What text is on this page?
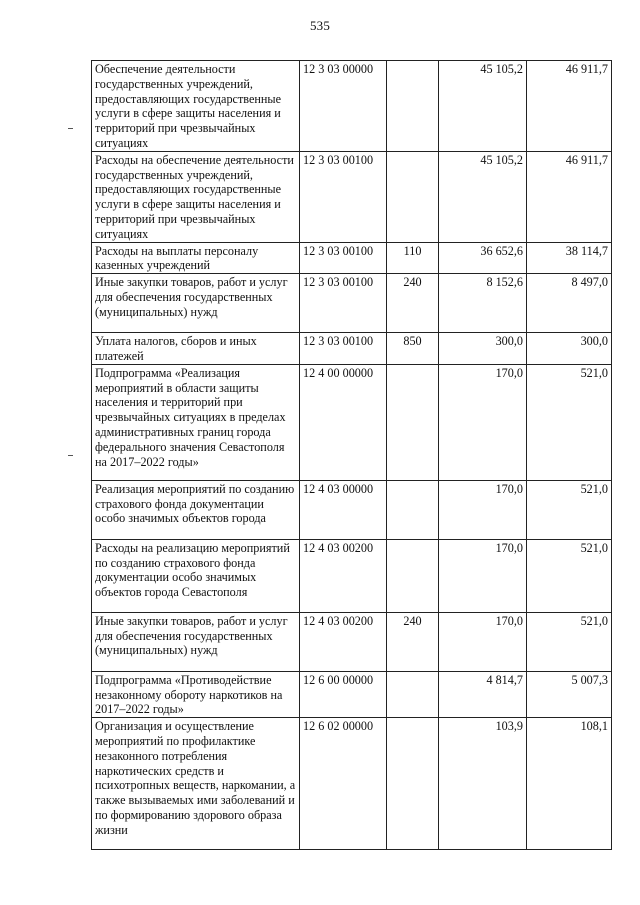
535
Обеспечение деятельности государственных учреждений, предоставляющих государственные услуги в сфере защиты населения и территорий при чрезвычайных ситуациях	12 3 03 00000		45 105,2	46 911,7
Расходы на обеспечение деятельности государственных учреждений, предоставляющих государственные услуги в сфере защиты населения и территорий при чрезвычайных ситуациях	12 3 03 00100		45 105,2	46 911,7
Расходы на выплаты персоналу казенных учреждений	12 3 03 00100	110	36 652,6	38 114,7
Иные закупки товаров, работ и услуг для обеспечения государственных (муниципальных) нужд	12 3 03 00100	240	8 152,6	8 497,0
Уплата налогов, сборов и иных платежей	12 3 03 00100	850	300,0	300,0
Подпрограмма «Реализация мероприятий в области защиты населения и территорий при чрезвычайных ситуациях в пределах административных границ города федерального значения Севастополя на 2017–2022 годы»	12 4 00 00000		170,0	521,0
Реализация мероприятий по созданию страхового фонда документации особо значимых объектов города	12 4 03 00000		170,0	521,0
Расходы на реализацию мероприятий по созданию страхового фонда документации особо значимых объектов города Севастополя	12 4 03 00200		170,0	521,0
Иные закупки товаров, работ и услуг для обеспечения государственных (муниципальных) нужд	12 4 03 00200	240	170,0	521,0
Подпрограмма «Противодействие незаконному обороту наркотиков на 2017–2022 годы»	12 6 00 00000		4 814,7	5 007,3
Организация и осуществление мероприятий по профилактике незаконного потребления наркотических средств и психотропных веществ, наркомании, а также вызываемых ими заболеваний и по формированию здорового образа жизни	12 6 02 00000		103,9	108,1
